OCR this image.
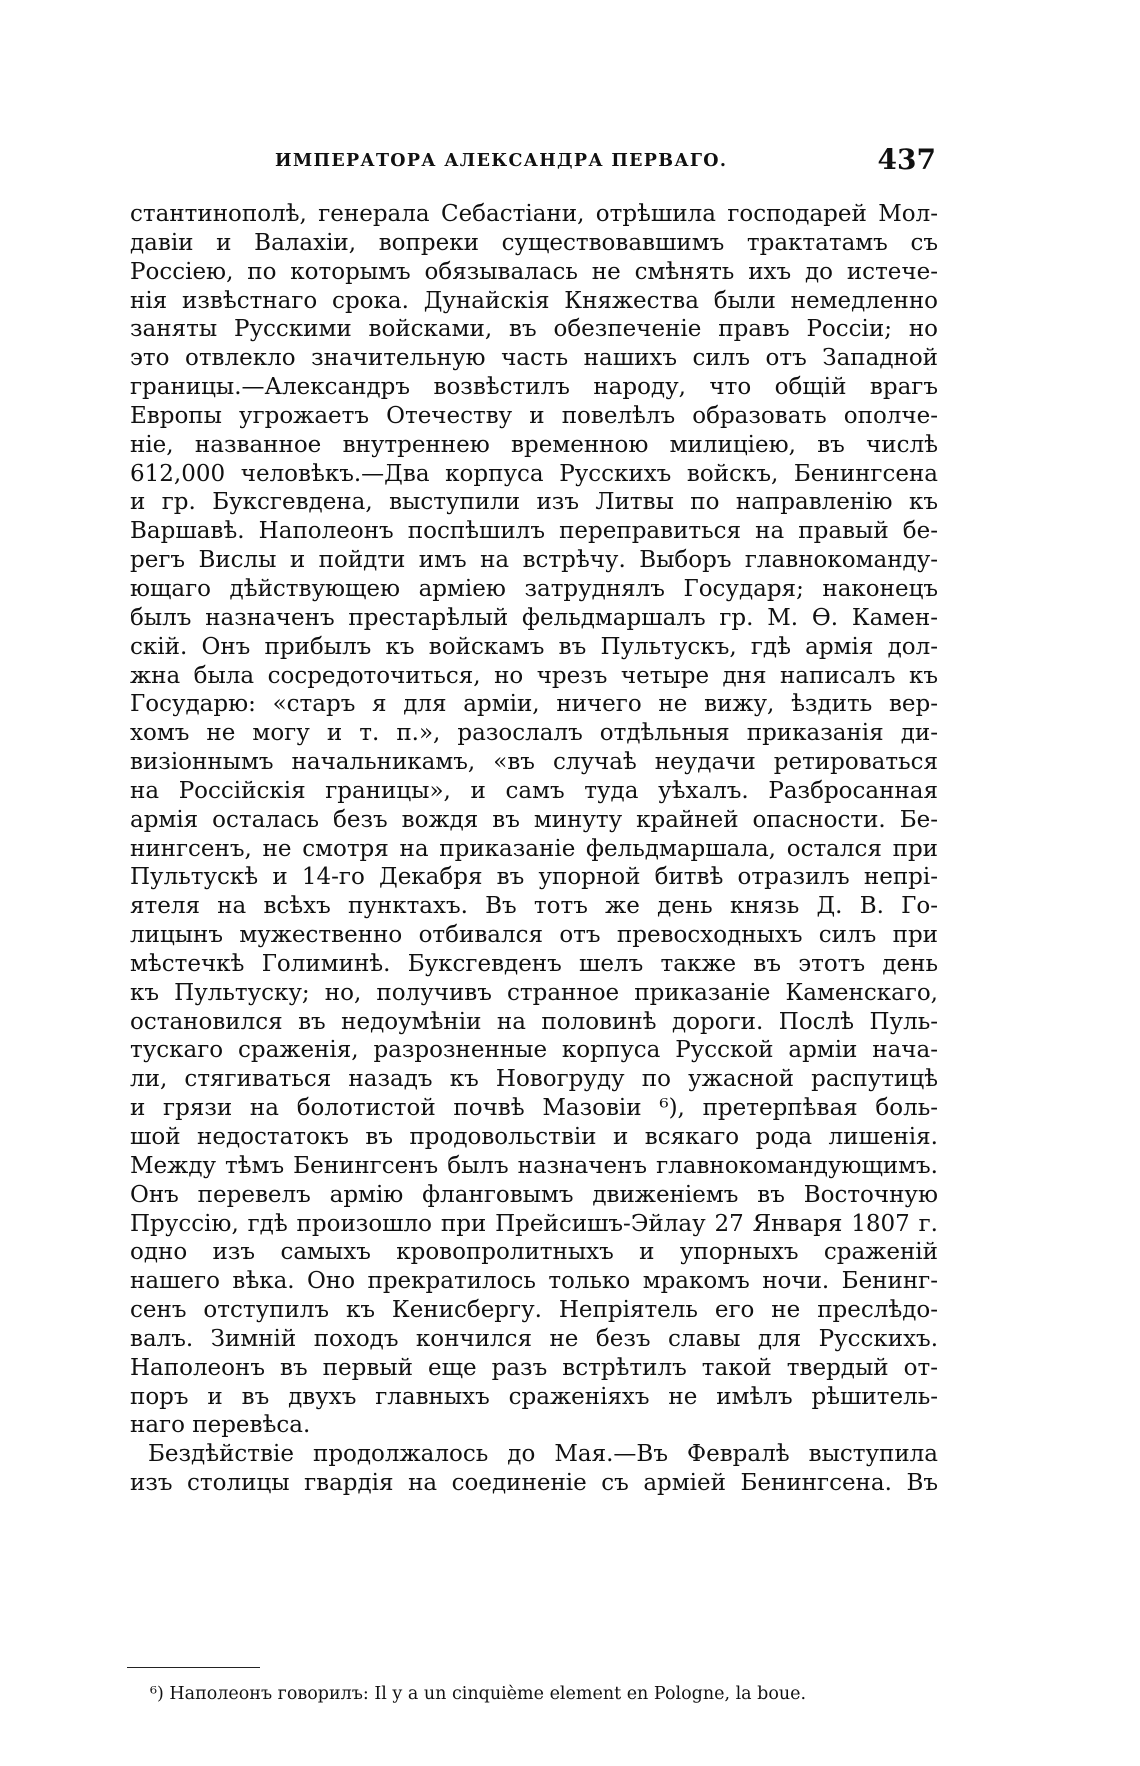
ИМПЕРАТОРА АЛЕКСАНДРА ПЕРВАГО.	437
стантинополѣ, генерала Себастіани, отрѣшила господарей Мол-
давіи и Валахіи, вопреки существовавшимъ трактатамъ съ
Россіею, по которымъ обязывалась не смѣнять ихъ до истече-
нія извѣстнаго срока. Дунайскія Княжества были немедленно
заняты Русскими войсками, въ обезпеченіе правъ Россіи; но
это отвлекло значительную часть нашихъ силъ отъ Западной
границы.—Александръ возвѣстилъ народу, что общій врагъ
Европы угрожаетъ Отечеству и повелѣлъ образовать ополче-
ніе, названное внутреннею временною милиціею, въ числѣ
612,000 человѣкъ.—Два корпуса Русскихъ войскъ, Бенингсена
и гр. Буксгевдена, выступили изъ Литвы по направленію къ
Варшавѣ. Наполеонъ поспѣшилъ переправиться на правый бе-
регъ Вислы и пойдти имъ на встрѣчу. Выборъ главнокоманду-
ющаго дѣйствующею арміею затруднялъ Государя; наконецъ
былъ назначенъ престарѣлый фельдмаршалъ гр. М. Ѳ. Камен-
скій. Онъ прибылъ къ войскамъ въ Пультускъ, гдѣ армія дол-
жна была сосредоточиться, но чрезъ четыре дня написалъ къ
Государю: «старъ я для арміи, ничего не вижу, ѣздить вер-
хомъ не могу и т. п.», разослалъ отдѣльныя приказанія ди-
визіоннымъ начальникамъ, «въ случаѣ неудачи ретироваться
на Россійскія границы», и самъ туда уѣхалъ. Разбросанная
армія осталась безъ вождя въ минуту крайней опасности. Бе-
нингсенъ, не смотря на приказаніе фельдмаршала, остался при
Пультускѣ и 14-го Декабря въ упорной битвѣ отразилъ непрі-
ятеля на всѣхъ пунктахъ. Въ тотъ же день князь Д. В. Го-
лицынъ мужественно отбивался отъ превосходныхъ силъ при
мѣстечкѣ Голиминѣ. Буксгевденъ шелъ также въ этотъ день
къ Пультуску; но, получивъ странное приказаніе Каменскаго,
остановился въ недоумѣніи на половинѣ дороги. Послѣ Пуль-
тускаго сраженія, разрозненные корпуса Русской арміи нача-
ли, стягиваться назадъ къ Новогруду по ужасной распутицѣ
и грязи на болотистой почвѣ Мазовіи ⁶), претерпѣвая боль-
шой недостатокъ въ продовольствіи и всякаго рода лишенія.
Между тѣмъ Бенингсенъ былъ назначенъ главнокомандующимъ.
Онъ перевелъ армію фланговымъ движеніемъ въ Восточную
Пруссію, гдѣ произошло при Прейсишъ-Эйлау 27 Января 1807 г.
одно изъ самыхъ кровопролитныхъ и упорныхъ сраженій
нашего вѣка. Оно прекратилось только мракомъ ночи. Бенинг-
сенъ отступилъ къ Кенисбергу. Непріятель его не преслѣдо-
валъ. Зимній походъ кончился не безъ славы для Русскихъ.
Наполеонъ въ первый еще разъ встрѣтилъ такой твердый от-
поръ и въ двухъ главныхъ сраженіяхъ не имѣлъ рѣшитель-
наго перевѣса.
Бездѣйствіе продолжалось до Мая.—Въ Февралѣ выступила
изъ столицы гвардія на соединеніе съ арміей Бенингсена. Въ
⁶) Наполеонъ говорилъ: Il y a un cinquième element en Pologne, la boue.
